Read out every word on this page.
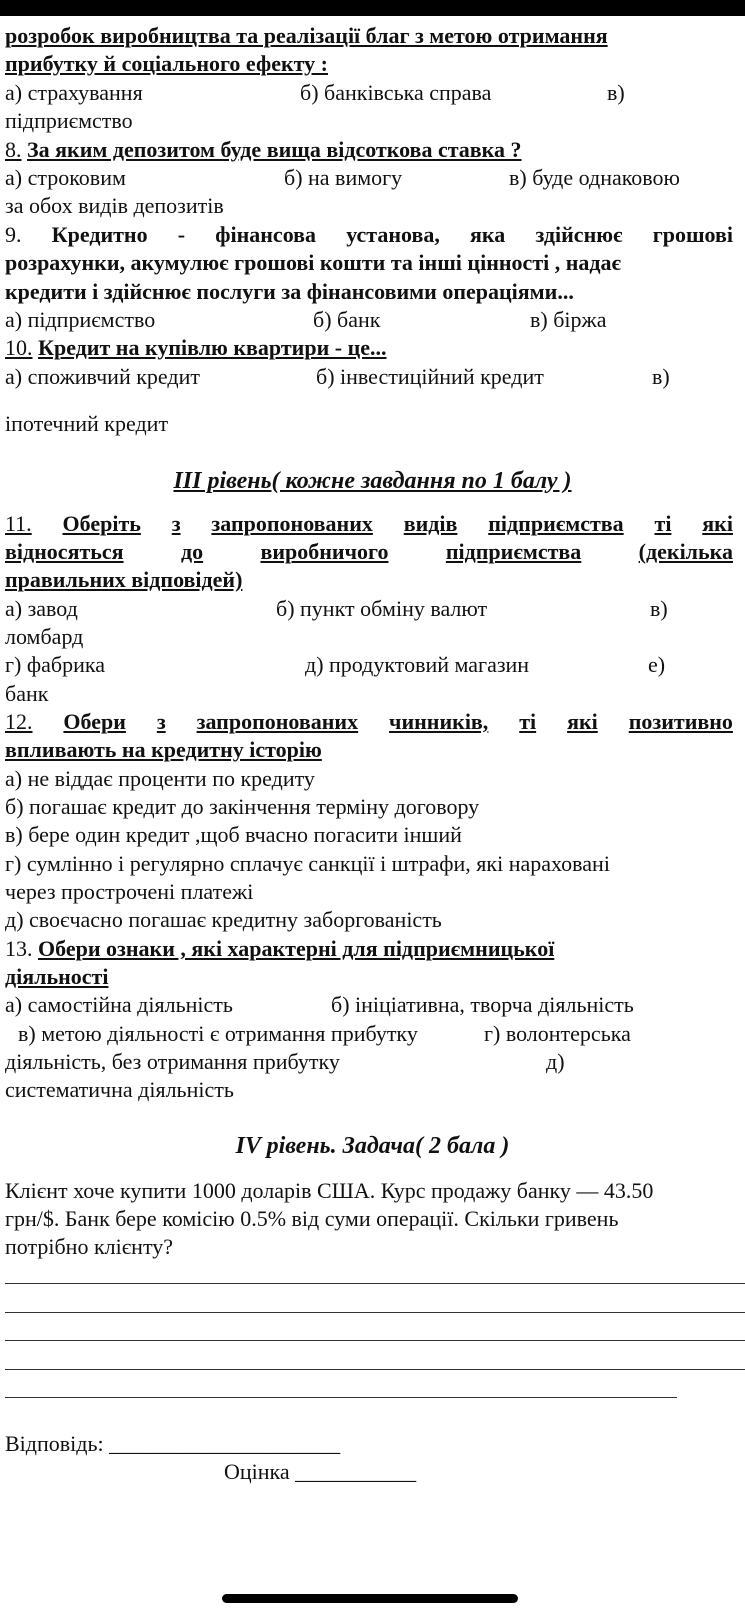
розробок виробництва та реалізації благ з метою отримання
прибутку й соціального ефекту :
а) страхування	б) банківська справа	в)
підприємство
8. За яким депозитом буде вища відсоткова ставка ?
а) строковим	б) на вимогу	в) буде однаковою
за обох видів депозитів
9. Кредитно - фінансова установа, яка здійснює грошові
розрахунки, акумулює грошові кошти та інші цінності , надає
кредити і здійснює послуги за фінансовими операціями...
а) підприємство	б) банк	в) біржа
10. Кредит на купівлю квартири - це...
а) споживчий кредит	б) інвестиційний кредит	в)
іпотечний кредит
ІІІ рівень( кожне завдання по 1 балу )
11. Оберіть з запропонованих видів підприємства ті які
відносяться	до	виробничого	підприємства	(декілька
правильних відповідей)
а) завод	б) пункт обміну валют	в)
ломбард
г) фабрика	д) продуктовий магазин	е)
банк
12. Обери з запропонованих чинників, ті які позитивно
впливають на кредитну історію
а) не віддає проценти по кредиту
б) погашає кредит до закінчення терміну договору
в) бере один кредит ,щоб вчасно погасити інший
г) сумлінно і регулярно сплачує санкції і штрафи, які нараховані
через прострочені платежі
д) своєчасно погашає кредитну заборгованість
13. Обери ознаки , які характерні для підприємницької
діяльності
а) самостійна діяльність	б) ініціативна, творча діяльність
в) метою діяльності є отримання прибутку	г) волонтерська
діяльність, без отримання прибутку	д)
систематична діяльність
IV рівень. Задача( 2 бала )
Клієнт хоче купити 1000 доларів США. Курс продажу банку — 43.50
грн/$. Банк бере комісію 0.5% від суми операції. Скільки гривень
потрібно клієнту?
Відповідь: _____________________
Оцінка ___________
